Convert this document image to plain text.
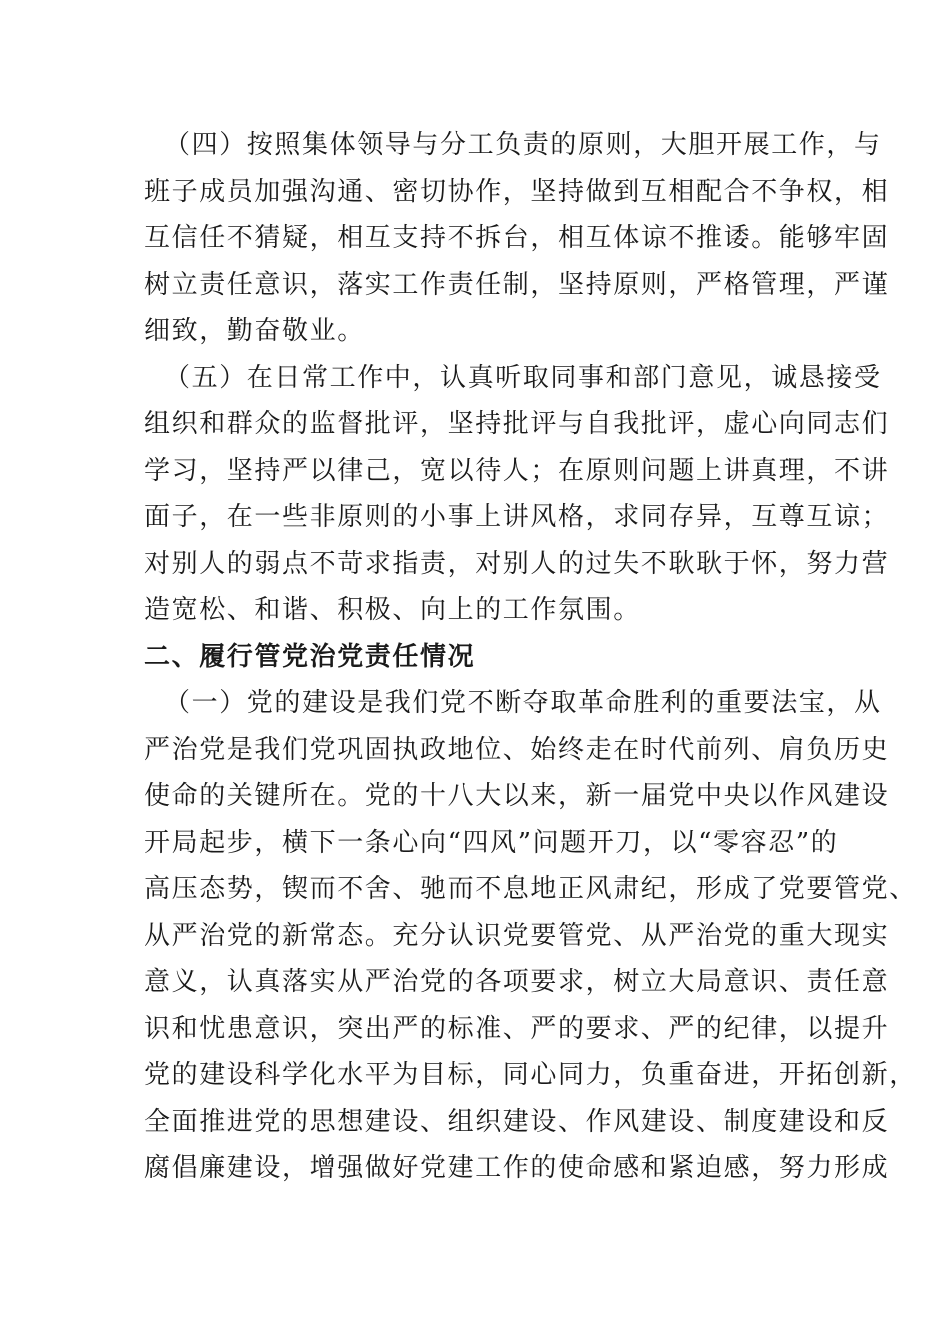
（四）按照集体领导与分工负责的原则，大胆开展工作，与
班子成员加强沟通、密切协作，坚持做到互相配合不争权，相
互信任不猜疑，相互支持不拆台，相互体谅不推诿。能够牢固
树立责任意识，落实工作责任制，坚持原则，严格管理，严谨
细致，勤奋敬业。

（五）在日常工作中，认真听取同事和部门意见，诚恳接受
组织和群众的监督批评，坚持批评与自我批评，虚心向同志们
学习，坚持严以律己，宽以待人；在原则问题上讲真理，不讲
面子，在一些非原则的小事上讲风格，求同存异，互尊互谅；
对别人的弱点不苛求指责，对别人的过失不耿耿于怀，努力营
造宽松、和谐、积极、向上的工作氛围。

二、履行管党治党责任情况

（一）党的建设是我们党不断夺取革命胜利的重要法宝，从
严治党是我们党巩固执政地位、始终走在时代前列、肩负历史
使命的关键所在。党的十八大以来，新一届党中央以作风建设
开局起步，横下一条心向“四风”问题开刀，以“零容忍”的
高压态势，锲而不舍、驰而不息地正风肃纪，形成了党要管党、
从严治党的新常态。充分认识党要管党、从严治党的重大现实
意义，认真落实从严治党的各项要求，树立大局意识、责任意
识和忧患意识，突出严的标准、严的要求、严的纪律，以提升
党的建设科学化水平为目标，同心同力，负重奋进，开拓创新，
全面推进党的思想建设、组织建设、作风建设、制度建设和反
腐倡廉建设，增强做好党建工作的使命感和紧迫感，努力形成
